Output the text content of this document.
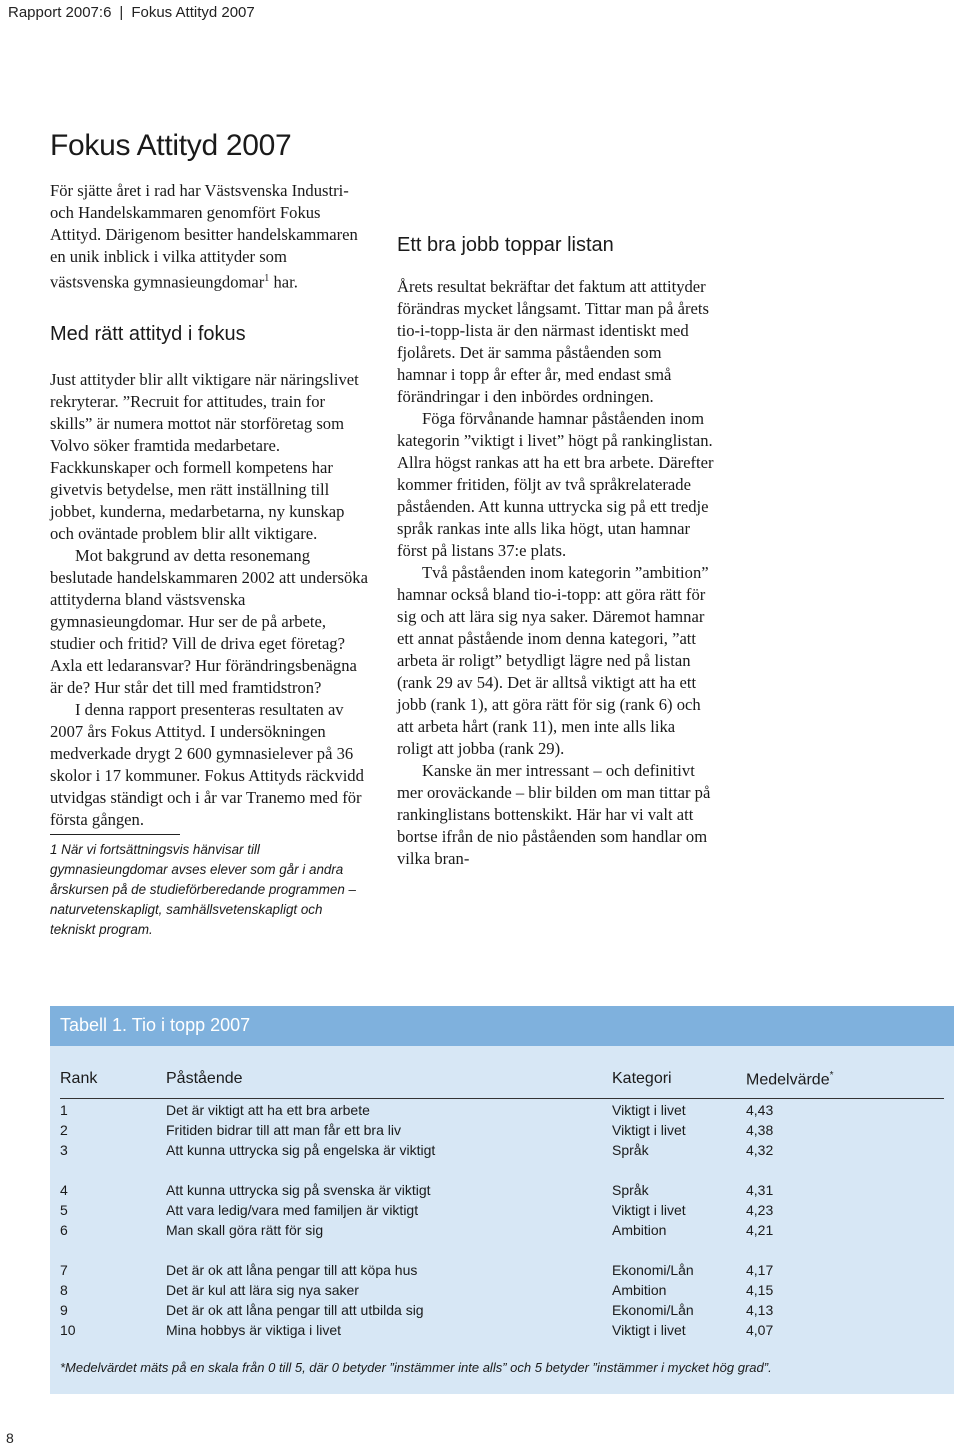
Rapport 2007:6 | Fokus Attityd 2007
Fokus Attityd 2007

För sjätte året i rad har Västsvenska Industri- och Handelskammaren genomfört Fokus Attityd. Därigenom besitter handelskammaren en unik inblick i vilka attityder som västsvenska gymnasieungdomar$^1$ har.

Med rätt attityd i fokus

Just attityder blir allt viktigare när näringslivet rekryterar. ”Recruit for attitudes, train for skills” är numera mottot när storföretag som Volvo söker framtida medarbetare. Fackkunskaper och formell kompetens har givetvis betydelse, men rätt inställning till jobbet, kunderna, medarbetarna, ny kunskap och oväntade problem blir allt viktigare.

Mot bakgrund av detta resonemang beslutade handelskammaren 2002 att undersöka attityderna bland västsvenska gymnasieungdomar. Hur ser de på arbete, studier och fritid? Vill de driva eget företag? Axla ett ledaransvar? Hur förändringsbenägna är de? Hur står det till med framtidstron?

I denna rapport presenteras resultaten av 2007 års Fokus Attityd. I undersökningen medverkade drygt 2 600 gymnasielever på 36 skolor i 17 kommuner. Fokus Attityds räckvidd utvidgas ständigt och i år var Tranemo med för första gången.

1 När vi fortsättningsvis hänvisar till gymnasieungdomar avses elever som går i andra årskursen på de studieförberedande programmen – naturvetenskapligt, samhällsvetenskapligt och tekniskt program.

Ett bra jobb toppar listan

Årets resultat bekräftar det faktum att attityder förändras mycket långsamt. Tittar man på årets tio-i-topp-lista är den närmast identiskt med fjolårets. Det är samma påståenden som hamnar i topp år efter år, med endast små förändringar i den inbördes ordningen.

Föga förvånande hamnar påståenden inom kategorin ”viktigt i livet” högt på rankinglistan. Allra högst rankas att ha ett bra arbete. Därefter kommer fritiden, följt av två språkrelaterade påståenden. Att kunna uttrycka sig på ett tredje språk rankas inte alls lika högt, utan hamnar först på listans 37:e plats.

Två påståenden inom kategorin ”ambition” hamnar också bland tio-i-topp: att göra rätt för sig och att lära sig nya saker. Däremot hamnar ett annat påstående inom denna kategori, ”att arbeta är roligt” betydligt lägre ned på listan (rank 29 av 54). Det är alltså viktigt att ha ett jobb (rank 1), att göra rätt för sig (rank 6) och att arbeta hårt (rank 11), men inte alls lika roligt att jobba (rank 29).

Kanske än mer intressant – och definitivt mer oroväckande – blir bilden om man tittar på rankinglistans bottenskikt. Här har vi valt att bortse ifrån de nio påståenden som handlar om vilka bran-

Tabell 1. Tio i topp 2007
Rank	Påstående	Kategori	Medelvärde*
1	Det är viktigt att ha ett bra arbete	Viktigt i livet	4,43
2	Fritiden bidrar till att man får ett bra liv	Viktigt i livet	4,38
3	Att kunna uttrycka sig på engelska är viktigt	Språk	4,32
4	Att kunna uttrycka sig på svenska är viktigt	Språk	4,31
5	Att vara ledig/vara med familjen är viktigt	Viktigt i livet	4,23
6	Man skall göra rätt för sig	Ambition	4,21
7	Det är ok att låna pengar till att köpa hus	Ekonomi/Lån	4,17
8	Det är kul att lära sig nya saker	Ambition	4,15
9	Det är ok att låna pengar till att utbilda sig	Ekonomi/Lån	4,13
10	Mina hobbys är viktiga i livet	Viktigt i livet	4,07
*Medelvärdet mäts på en skala från 0 till 5, där 0 betyder ”instämmer inte alls” och 5 betyder ”instämmer i mycket hög grad”.
8
